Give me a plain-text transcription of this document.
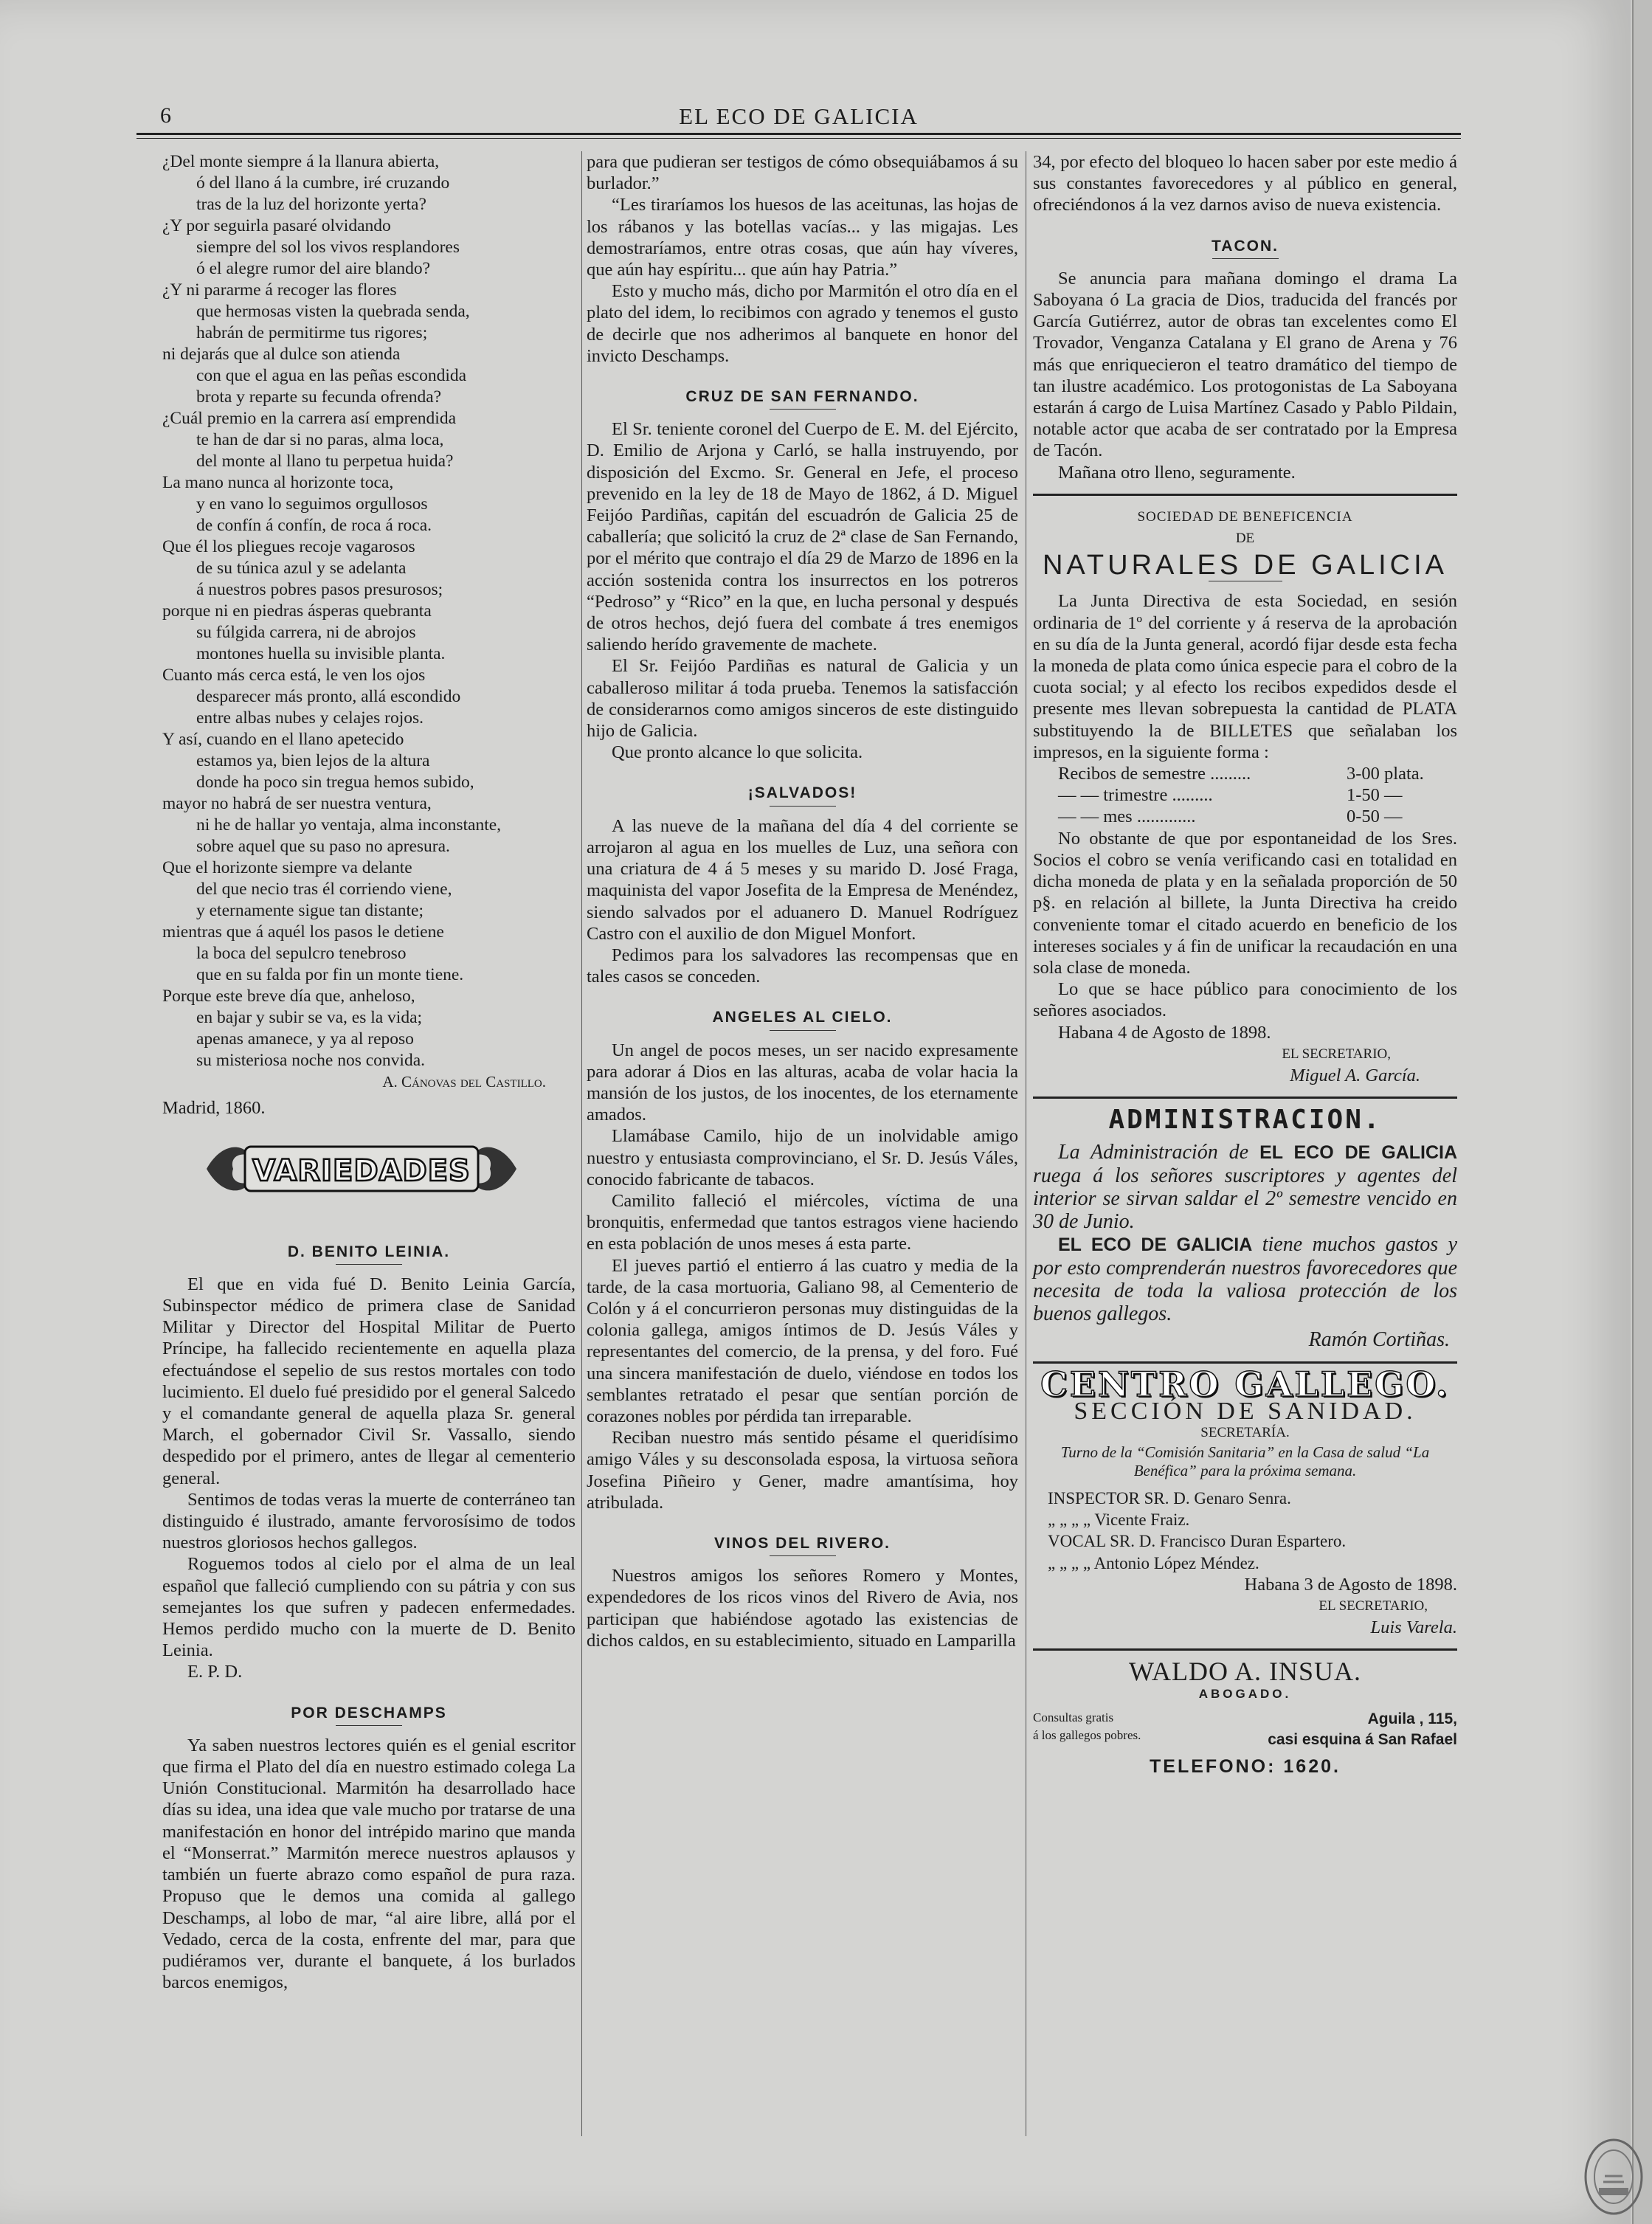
6	EL ECO DE GALICIA
¿Del monte siempre á la llanura abierta,
ó del llano á la cumbre, iré cruzando
tras de la luz del horizonte yerta?
¿Y por seguirla pasaré olvidando
siempre del sol los vivos resplandores
ó el alegre rumor del aire blando?
¿Y ni pararme á recoger las flores
que hermosas visten la quebrada senda,
habrán de permitirme tus rigores;
ni dejarás que al dulce son atienda
con que el agua en las peñas escondida
brota y reparte su fecunda ofrenda?
¿Cuál premio en la carrera así emprendida
te han de dar si no paras, alma loca,
del monte al llano tu perpetua huida?
La mano nunca al horizonte toca,
y en vano lo seguimos orgullosos
de confín á confín, de roca á roca.
Que él los pliegues recoje vagarosos
de su túnica azul y se adelanta
á nuestros pobres pasos presurosos;
porque ni en piedras ásperas quebranta
su fúlgida carrera, ni de abrojos
montones huella su invisible planta.
Cuanto más cerca está, le ven los ojos
desparecer más pronto, allá escondido
entre albas nubes y celajes rojos.
Y así, cuando en el llano apetecido
estamos ya, bien lejos de la altura
donde ha poco sin tregua hemos subido,
mayor no habrá de ser nuestra ventura,
ni he de hallar yo ventaja, alma inconstante,
sobre aquel que su paso no apresura.
Que el horizonte siempre va delante
del que necio tras él corriendo viene,
y eternamente sigue tan distante;
mientras que á aquél los pasos le detiene
la boca del sepulcro tenebroso
que en su falda por fin un monte tiene.
Porque este breve día que, anheloso,
en bajar y subir se va, es la vida;
apenas amanece, y ya al reposo
su misteriosa noche nos convida.
A. Cánovas del Castillo.
Madrid, 1860.
VARIEDADES
D. BENITO LEINIA.

El que en vida fué D. Benito Leinia García, Subinspector médico de primera clase de Sanidad Militar y Director del Hospital Militar de Puerto Príncipe, ha fallecido recientemente en aquella plaza efectuándose el sepelio de sus restos mortales con todo lucimiento. El duelo fué presidido por el general Salcedo y el comandante general de aquella plaza Sr. general March, el gobernador Civil Sr. Vassallo, siendo despedido por el primero, antes de llegar al cementerio general.

Sentimos de todas veras la muerte de conterráneo tan distinguido é ilustrado, amante fervorosísimo de todos nuestros gloriosos hechos gallegos.

Roguemos todos al cielo por el alma de un leal español que falleció cumpliendo con su pátria y con sus semejantes los que sufren y padecen enfermedades. Hemos perdido mucho con la muerte de D. Benito Leinia.

E. P. D.

POR DESCHAMPS

Ya saben nuestros lectores quién es el genial escritor que firma el Plato del día en nuestro estimado colega La Unión Constitucional. Marmitón ha desarrollado hace días su idea, una idea que vale mucho por tratarse de una manifestación en honor del intrépido marino que manda el “Monserrat.” Marmitón merece nuestros aplausos y también un fuerte abrazo como español de pura raza. Propuso que le demos una comida al gallego Deschamps, al lobo de mar, “al aire libre, allá por el Vedado, cerca de la costa, enfrente del mar, para que pudiéramos ver, durante el banquete, á los burlados barcos enemigos,

para que pudieran ser testigos de cómo obsequiábamos á su burlador.”

“Les tiraríamos los huesos de las aceitunas, las hojas de los rábanos y las botellas vacías... y las migajas. Les demostraríamos, entre otras cosas, que aún hay víveres, que aún hay espíritu... que aún hay Patria.”

Esto y mucho más, dicho por Marmitón el otro día en el plato del idem, lo recibimos con agrado y tenemos el gusto de decirle que nos adherimos al banquete en honor del invicto Deschamps.

CRUZ DE SAN FERNANDO.

El Sr. teniente coronel del Cuerpo de E. M. del Ejército, D. Emilio de Arjona y Carló, se halla instruyendo, por disposición del Excmo. Sr. General en Jefe, el proceso prevenido en la ley de 18 de Mayo de 1862, á D. Miguel Feijóo Pardiñas, capitán del escuadrón de Galicia 25 de caballería; que solicitó la cruz de 2ª clase de San Fernando, por el mérito que contrajo el día 29 de Marzo de 1896 en la acción sostenida contra los insurrectos en los potreros “Pedroso” y “Rico” en la que, en lucha personal y después de otros hechos, dejó fuera del combate á tres enemigos saliendo herído gravemente de machete.

El Sr. Feijóo Pardiñas es natural de Galicia y un caballeroso militar á toda prueba. Tenemos la satisfacción de considerarnos como amigos sinceros de este distinguido hijo de Galicia.

Que pronto alcance lo que solicita.

¡SALVADOS!

A las nueve de la mañana del día 4 del corriente se arrojaron al agua en los muelles de Luz, una señora con una criatura de 4 á 5 meses y su marido D. José Fraga, maquinista del vapor Josefita de la Empresa de Menéndez, siendo salvados por el aduanero D. Manuel Rodríguez Castro con el auxilio de don Miguel Monfort.

Pedimos para los salvadores las recompensas que en tales casos se conceden.

ANGELES AL CIELO.

Un angel de pocos meses, un ser nacido expresamente para adorar á Dios en las alturas, acaba de volar hacia la mansión de los justos, de los inocentes, de los eternamente amados.

Llamábase Camilo, hijo de un inolvidable amigo nuestro y entusiasta comprovinciano, el Sr. D. Jesús Váles, conocido fabricante de tabacos.

Camilito falleció el miércoles, víctima de una bronquitis, enfermedad que tantos estragos viene haciendo en esta población de unos meses á esta parte.

El jueves partió el entierro á las cuatro y media de la tarde, de la casa mortuoria, Galiano 98, al Cementerio de Colón y á el concurrieron personas muy distinguidas de la colonia gallega, amigos íntimos de D. Jesús Váles y representantes del comercio, de la prensa, y del foro. Fué una sincera manifestación de duelo, viéndose en todos los semblantes retratado el pesar que sentían porción de corazones nobles por pérdida tan irreparable.

Reciban nuestro más sentido pésame el queridísimo amigo Váles y su desconsolada esposa, la virtuosa señora Josefina Piñeiro y Gener, madre amantísima, hoy atribulada.

VINOS DEL RIVERO.

Nuestros amigos los señores Romero y Montes, expendedores de los ricos vinos del Rivero de Avia, nos participan que habiéndose agotado las existencias de dichos caldos, en su establecimiento, situado en Lamparilla

34, por efecto del bloqueo lo hacen saber por este medio á sus constantes favorecedores y al público en general, ofreciéndonos á la vez darnos aviso de nueva existencia.

TACON.

Se anuncia para mañana domingo el drama La Saboyana ó La gracia de Dios, traducida del francés por García Gutiérrez, autor de obras tan excelentes como El Trovador, Venganza Catalana y El grano de Arena y 76 más que enriquecieron el teatro dramático del tiempo de tan ilustre académico. Los protogonistas de La Saboyana estarán á cargo de Luisa Martínez Casado y Pablo Pildain, notable actor que acaba de ser contratado por la Empresa de Tacón.

Mañana otro lleno, seguramente.

SOCIEDAD DE BENEFICENCIA
DE
NATURALES DE GALICIA

La Junta Directiva de esta Sociedad, en sesión ordinaria de 1º del corriente y á reserva de la aprobación en su día de la Junta general, acordó fijar desde esta fecha la moneda de plata como única especie para el cobro de la cuota social; y al efecto los recibos expedidos desde el presente mes llevan sobrepuesta la cantidad de PLATA substituyendo la de BILLETES que señalaban los impresos, en la siguiente forma :

Recibos de semestre .........	3-00 plata.
— — trimestre .........	1-50 —
— — mes .............	0-50 —

No obstante de que por espontaneidad de los Sres. Socios el cobro se venía verificando casi en totalidad en dicha moneda de plata y en la señalada proporción de 50 p§. en relación al billete, la Junta Directiva ha creido conveniente tomar el citado acuerdo en beneficio de los intereses sociales y á fin de unificar la recaudación en una sola clase de moneda.

Lo que se hace público para conocimiento de los señores asociados.

Habana 4 de Agosto de 1898.

EL SECRETARIO,
Miguel A. García.
ADMINISTRACION.
La Administración de EL ECO DE GALICIA ruega á los señores suscriptores y agentes del interior se sirvan saldar el 2º semestre vencido en 30 de Junio.
EL ECO DE GALICIA tiene muchos gastos y por esto comprenderán nuestros favorecedores que necesita de toda la valiosa protección de los buenos gallegos.
Ramón Cortiñas.
CENTRO GALLEGO.
SECCIÓN DE SANIDAD.
SECRETARÍA.
Turno de la “Comisión Sanitaria” en la Casa de salud “La Benéfica” para la próxima semana.
INSPECTOR SR. D. Genaro Senra.
„ „ „ „ Vicente Fraiz.
VOCAL SR. D. Francisco Duran Espartero.
„ „ „ „ Antonio López Méndez.
Habana 3 de Agosto de 1898.
EL SECRETARIO,
Luis Varela.
WALDO A. INSUA.
ABOGADO.
Consultas gratis
á los gallegos pobres.
Aguila , 115,
casi esquina á San Rafael
TELEFONO: 1620.
